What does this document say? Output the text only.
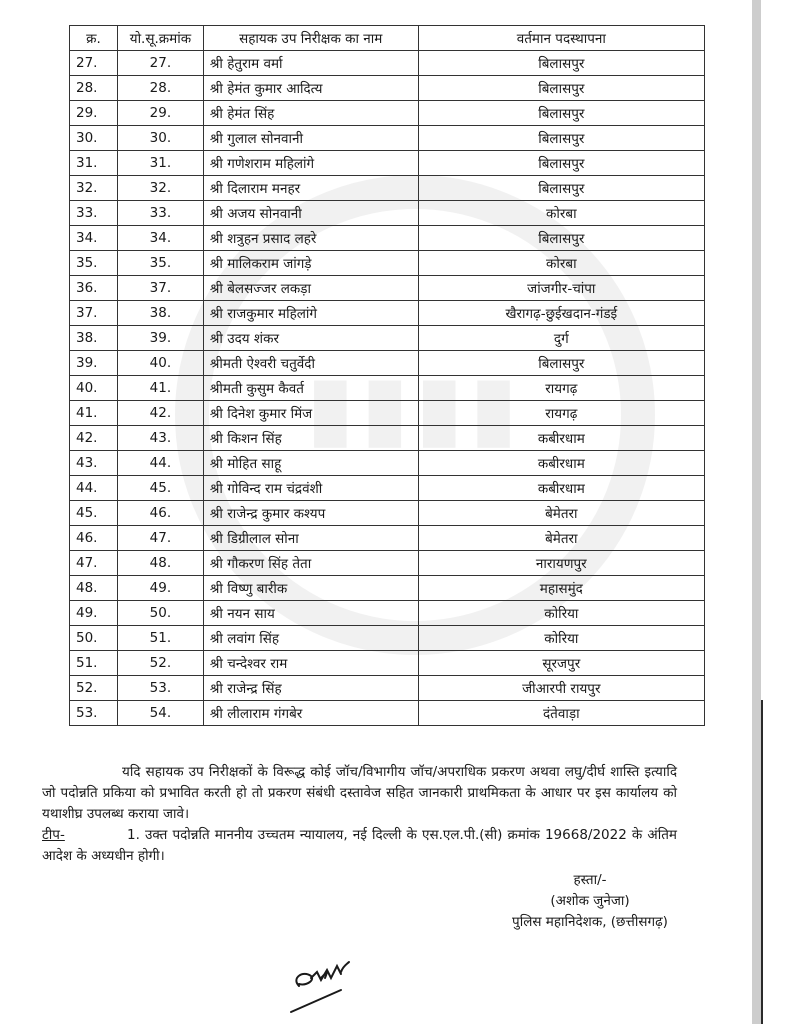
▮▮▮▮
क्र.	यो.सू.क्रमांक	सहायक उप निरीक्षक का नाम	वर्तमान पदस्थापना
27.	27.	श्री हेतुराम वर्मा	बिलासपुर
28.	28.	श्री हेमंत कुमार आदित्य	बिलासपुर
29.	29.	श्री हेमंत सिंह	बिलासपुर
30.	30.	श्री गुलाल सोनवानी	बिलासपुर
31.	31.	श्री गणेशराम महिलांगे	बिलासपुर
32.	32.	श्री दिलाराम मनहर	बिलासपुर
33.	33.	श्री अजय सोनवानी	कोरबा
34.	34.	श्री शत्रुहन प्रसाद लहरे	बिलासपुर
35.	35.	श्री मालिकराम जांगड़े	कोरबा
36.	37.	श्री बेलसज्जर लकड़ा	जांजगीर-चांपा
37.	38.	श्री राजकुमार महिलांगे	खैरागढ़-छुईखदान-गंडई
38.	39.	श्री उदय शंकर	दुर्ग
39.	40.	श्रीमती ऐश्वरी चतुर्वेदी	बिलासपुर
40.	41.	श्रीमती कुसुम कैवर्त	रायगढ़
41.	42.	श्री दिनेश कुमार मिंज	रायगढ़
42.	43.	श्री किशन सिंह	कबीरधाम
43.	44.	श्री मोहित साहू	कबीरधाम
44.	45.	श्री गोविन्द राम चंद्रवंशी	कबीरधाम
45.	46.	श्री राजेन्द्र कुमार कश्यप	बेमेतरा
46.	47.	श्री डिग्रीलाल सोना	बेमेतरा
47.	48.	श्री गौकरण सिंह तेता	नारायणपुर
48.	49.	श्री विष्णु बारीक	महासमुंद
49.	50.	श्री नयन साय	कोरिया
50.	51.	श्री लवांग सिंह	कोरिया
51.	52.	श्री चन्देश्वर राम	सूरजपुर
52.	53.	श्री राजेन्द्र सिंह	जीआरपी रायपुर
53.	54.	श्री लीलाराम गंगबेर	दंतेवाड़ा
यदि सहायक उप निरीक्षकों के विरूद्ध कोई जॉच/विभागीय जॉच/अपराधिक प्रकरण अथवा लघु/दीर्घ शास्ति इत्यादि जो पदोन्नति प्रकिया को प्रभावित करती हो तो प्रकरण संबंधी दस्तावेज सहित जानकारी प्राथमिकता के आधार पर इस कार्यालय को यथाशीघ्र उपलब्ध कराया जावे।
टीप-	1. उक्त पदोन्नति माननीय उच्चतम न्यायालय, नई दिल्ली के एस.एल.पी.(सी) क्रमांक 19668/2022 के अंतिम आदेश के अध्यधीन होगी।
हस्ता/-
(अशोक जुनेजा)
पुलिस महानिदेशक, (छत्तीसगढ़)
